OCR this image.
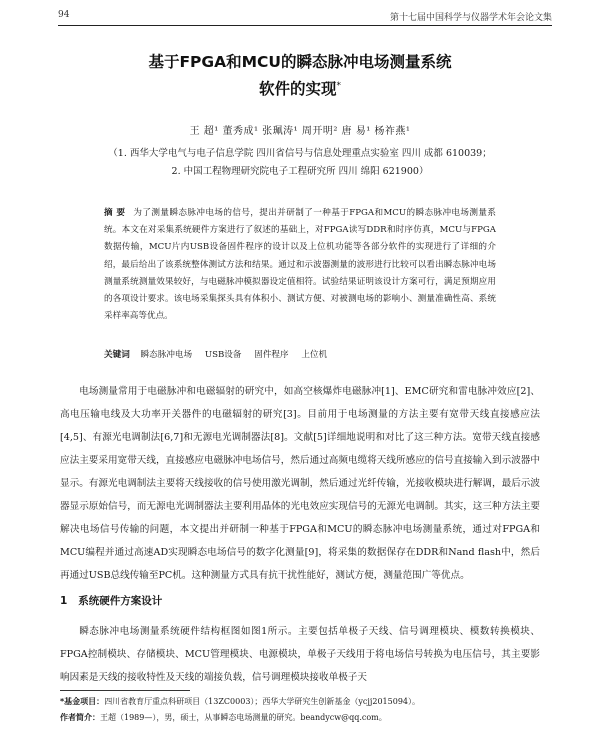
94	第十七届中国科学与仪器学术年会论文集
基于FPGA和MCU的瞬态脉冲电场测量系统
软件的实现*
王 超¹ 董秀成¹ 张珮涛¹ 周开明² 唐 易¹ 杨祚燕¹
（1. 西华大学电气与电子信息学院 四川省信号与信息处理重点实验室 四川 成都 610039；
2. 中国工程物理研究院电子工程研究所 四川 绵阳 621900）
摘 要 为了测量瞬态脉冲电场的信号，提出并研制了一种基于FPGA和MCU的瞬态脉冲电场测量系统。本文在对采集系统硬件方案进行了叙述的基础上，对FPGA读写DDR和时序仿真，MCU与FPGA数据传输，MCU片内USB设备固件程序的设计以及上位机功能等各部分软件的实现进行了详细的介绍，最后给出了该系统整体测试方法和结果。通过和示波器测量的波形进行比较可以看出瞬态脉冲电场测量系统测量效果较好，与电磁脉冲模拟器设定值相符。试验结果证明该设计方案可行，满足预期应用的各项设计要求。该电场采集探头具有体积小、测试方便、对被测电场的影响小、测量准确性高、系统采样率高等优点。
关键词 瞬态脉冲电场 USB设备 固件程序 上位机
电场测量常用于电磁脉冲和电磁辐射的研究中，如高空核爆炸电磁脉冲[1]、EMC研究和雷电脉冲效应[2]、高电压输电线及大功率开关器件的电磁辐射的研究[3]。目前用于电场测量的方法主要有宽带天线直接感应法[4,5]、有源光电调制法[6,7]和无源电光调制器法[8]。文献[5]详细地说明和对比了这三种方法。宽带天线直接感应法主要采用宽带天线，直接感应电磁脉冲电场信号，然后通过高频电缆将天线所感应的信号直接输入到示波器中显示。有源光电调制法主要将天线接收的信号使用激光调制，然后通过光纤传输，光接收模块进行解调，最后示波器显示原始信号，而无源电光调制器法主要利用晶体的光电效应实现信号的无源光电调制。其实，这三种方法主要解决电场信号传输的问题，本文提出并研制一种基于FPGA和MCU的瞬态脉冲电场测量系统，通过对FPGA和MCU编程并通过高速AD实现瞬态电场信号的数字化测量[9]，将采集的数据保存在DDR和Nand flash中，然后再通过USB总线传输至PC机。这种测量方式具有抗干扰性能好，测试方便，测量范围广等优点。
1 系统硬件方案设计
瞬态脉冲电场测量系统硬件结构框图如图1所示。主要包括单极子天线、信号调理模块、模数转换模块、FPGA控制模块、存储模块、MCU管理模块、电源模块，单极子天线用于将电场信号转换为电压信号，其主要影响因素是天线的接收特性及天线的端接负载，信号调理模块接收单极子天
*基金项目：四川省教育厅重点科研项目（13ZC0003）；西华大学研究生创新基金（ycjj2015094）。
作者简介：王超（1989—），男，硕士，从事瞬态电场测量的研究。beandycw@qq.com。
